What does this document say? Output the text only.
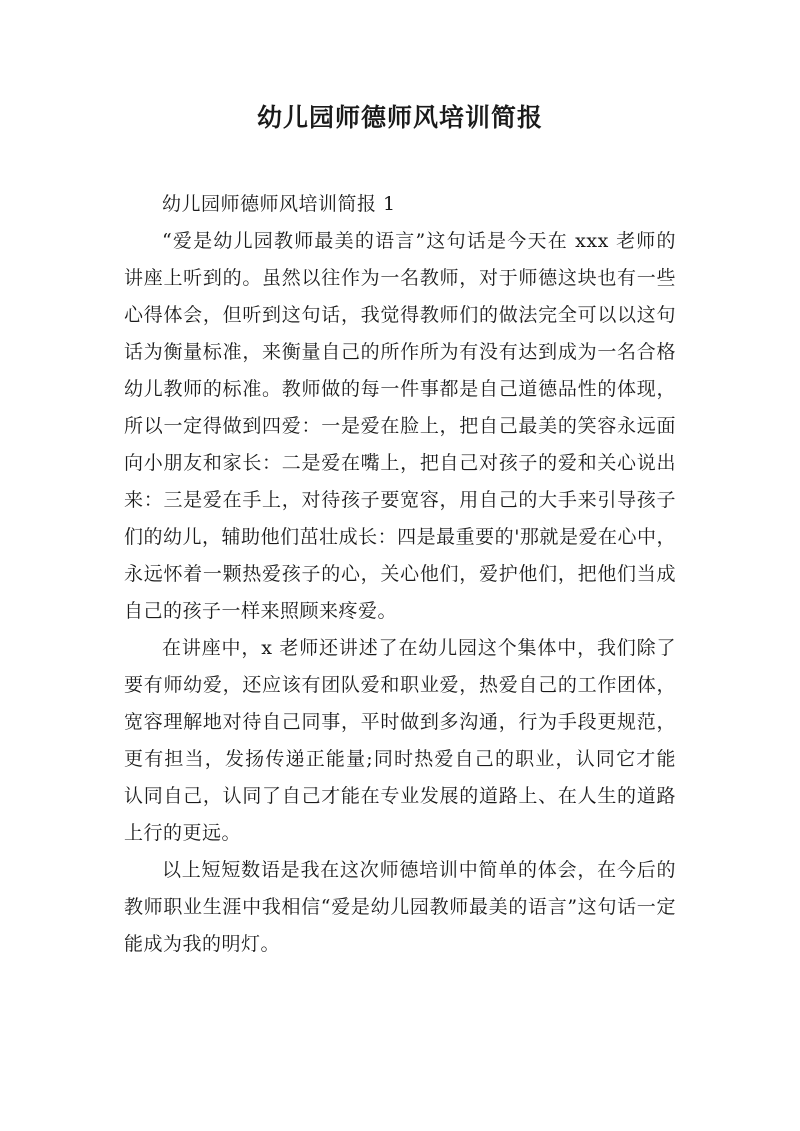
幼儿园师德师风培训简报

幼儿园师德师风培训简报 1

“爱是幼儿园教师最美的语言”这句话是今天在 xxx 老师的讲座上听到的。虽然以往作为一名教师，对于师德这块也有一些心得体会，但听到这句话，我觉得教师们的做法完全可以以这句话为衡量标准，来衡量自己的所作所为有没有达到成为一名合格幼儿教师的标准。教师做的每一件事都是自己道德品性的体现，所以一定得做到四爱：一是爱在脸上，把自己最美的笑容永远面向小朋友和家长：二是爱在嘴上，把自己对孩子的爱和关心说出来：三是爱在手上，对待孩子要宽容，用自己的大手来引导孩子们的幼儿，辅助他们茁壮成长：四是最重要的'那就是爱在心中，永远怀着一颗热爱孩子的心，关心他们，爱护他们，把他们当成自己的孩子一样来照顾来疼爱。

在讲座中，x 老师还讲述了在幼儿园这个集体中，我们除了要有师幼爱，还应该有团队爱和职业爱，热爱自己的工作团体，宽容理解地对待自己同事，平时做到多沟通，行为手段更规范，更有担当，发扬传递正能量;同时热爱自己的职业，认同它才能认同自己，认同了自己才能在专业发展的道路上、在人生的道路上行的更远。

以上短短数语是我在这次师德培训中简单的体会，在今后的教师职业生涯中我相信“爱是幼儿园教师最美的语言”这句话一定能成为我的明灯。
